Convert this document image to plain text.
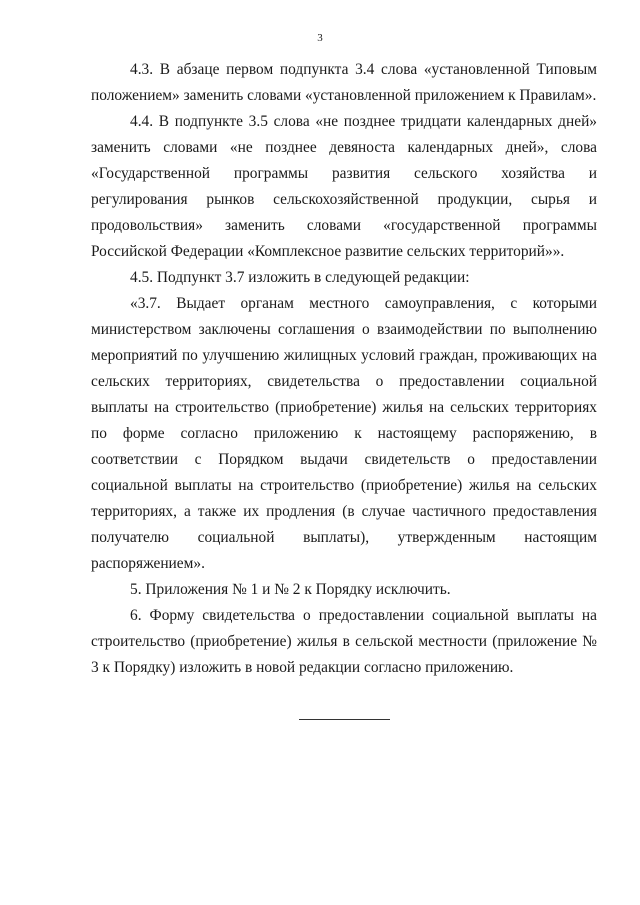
3

4.3. В абзаце первом подпункта 3.4 слова «установленной Типовым положением» заменить словами «установленной приложением к Правилам».

4.4. В подпункте 3.5 слова «не позднее тридцати календарных дней» заменить словами «не позднее девяноста календарных дней», слова «Государственной программы развития сельского хозяйства и регулирования рынков сельскохозяйственной продукции, сырья и продовольствия» заменить словами «государственной программы Российской Федерации «Комплексное развитие сельских территорий»».

4.5. Подпункт 3.7 изложить в следующей редакции:

«3.7. Выдает органам местного самоуправления, с которыми министерством заключены соглашения о взаимодействии по выполнению мероприятий по улучшению жилищных условий граждан, проживающих на сельских территориях, свидетельства о предоставлении социальной выплаты на строительство (приобретение) жилья на сельских территориях по форме согласно приложению к настоящему распоряжению, в соответствии с Порядком выдачи свидетельств о предоставлении социальной выплаты на строительство (приобретение) жилья на сельских территориях, а также их продления (в случае частичного предоставления получателю социальной выплаты), утвержденным настоящим распоряжением».

5. Приложения № 1 и № 2 к Порядку исключить.

6. Форму свидетельства о предоставлении социальной выплаты на строительство (приобретение) жилья в сельской местности (приложение № 3 к Порядку) изложить в новой редакции согласно приложению.
